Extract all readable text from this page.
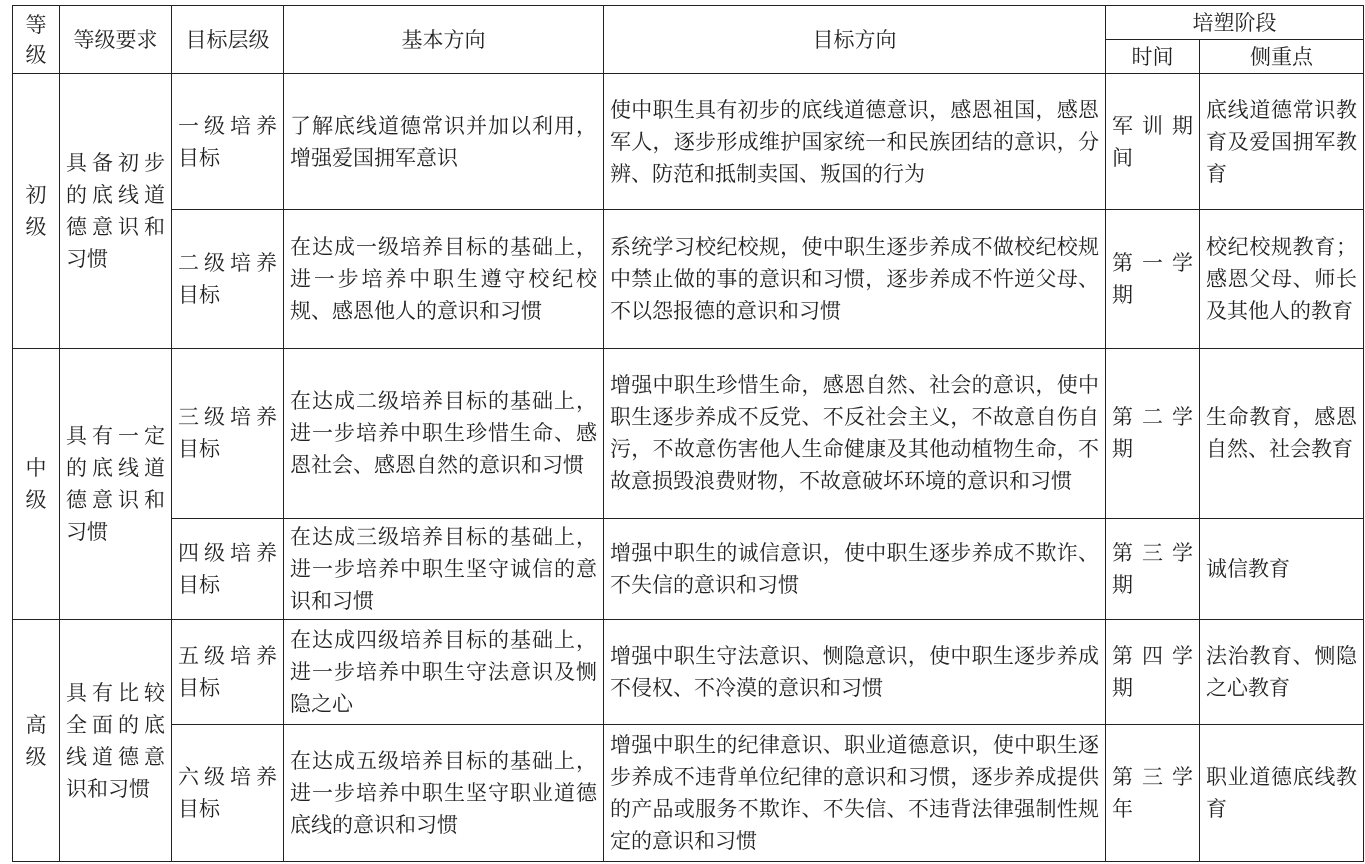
等级	等级要求	目标层级	基本方向	目标方向	培塑阶段	
					时间	侧重点
初级	具备初步的底线道德意识和习惯	一级培养目标	了解底线道德常识并加以利用，增强爱国拥军意识	使中职生具有初步的底线道德意识，感恩祖国，感恩军人，逐步形成维护国家统一和民族团结的意识，分辨、防范和抵制卖国、叛国的行为	军训期间	底线道德常识教育及爱国拥军教育
		二级培养目标	在达成一级培养目标的基础上，进一步培养中职生遵守校纪校规、感恩他人的意识和习惯	系统学习校纪校规，使中职生逐步养成不做校纪校规中禁止做的事的意识和习惯，逐步养成不忤逆父母、不以怨报德的意识和习惯	第一学期	校纪校规教育；感恩父母、师长及其他人的教育
中级	具有一定的底线道德意识和习惯	三级培养目标	在达成二级培养目标的基础上，进一步培养中职生珍惜生命、感恩社会、感恩自然的意识和习惯	增强中职生珍惜生命，感恩自然、社会的意识，使中职生逐步养成不反党、不反社会主义，不故意自伤自污，不故意伤害他人生命健康及其他动植物生命，不故意损毁浪费财物，不故意破坏环境的意识和习惯	第二学期	生命教育，感恩自然、社会教育
		四级培养目标	在达成三级培养目标的基础上，进一步培养中职生坚守诚信的意识和习惯	增强中职生的诚信意识，使中职生逐步养成不欺诈、不失信的意识和习惯	第三学期	诚信教育
高级	具有比较全面的底线道德意识和习惯	五级培养目标	在达成四级培养目标的基础上，进一步培养中职生守法意识及恻隐之心	增强中职生守法意识、恻隐意识，使中职生逐步养成不侵权、不冷漠的意识和习惯	第四学期	法治教育、恻隐之心教育
		六级培养目标	在达成五级培养目标的基础上，进一步培养中职生坚守职业道德底线的意识和习惯	增强中职生的纪律意识、职业道德意识，使中职生逐步养成不违背单位纪律的意识和习惯，逐步养成提供的产品或服务不欺诈、不失信、不违背法律强制性规定的意识和习惯	第三学年	职业道德底线教育
